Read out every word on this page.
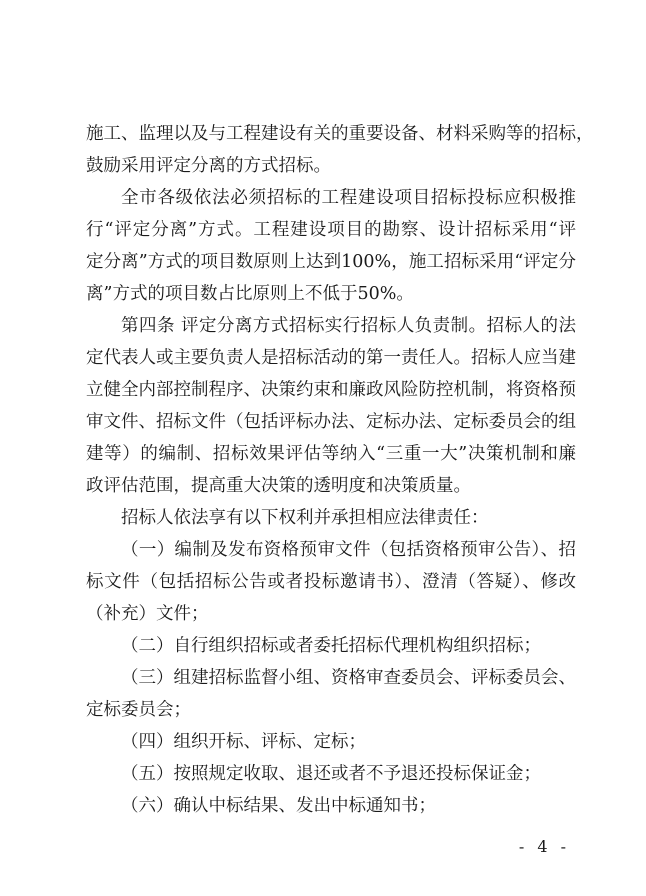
施工、监理以及与工程建设有关的重要设备、材料采购等的招标，
鼓励采用评定分离的方式招标。
全市各级依法必须招标的工程建设项目招标投标应积极推
行“评定分离”方式。工程建设项目的勘察、设计招标采用“评
定分离”方式的项目数原则上达到100%，施工招标采用“评定分
离”方式的项目数占比原则上不低于50%。
第四条 评定分离方式招标实行招标人负责制。招标人的法
定代表人或主要负责人是招标活动的第一责任人。招标人应当建
立健全内部控制程序、决策约束和廉政风险防控机制，将资格预
审文件、招标文件（包括评标办法、定标办法、定标委员会的组
建等）的编制、招标效果评估等纳入“三重一大”决策机制和廉
政评估范围，提高重大决策的透明度和决策质量。
招标人依法享有以下权利并承担相应法律责任：
（一）编制及发布资格预审文件（包括资格预审公告）、招
标文件（包括招标公告或者投标邀请书）、澄清（答疑）、修改
（补充）文件；
（二）自行组织招标或者委托招标代理机构组织招标；
（三）组建招标监督小组、资格审查委员会、评标委员会、
定标委员会；
（四）组织开标、评标、定标；
（五）按照规定收取、退还或者不予退还投标保证金；
（六）确认中标结果、发出中标通知书；
- 4 -
